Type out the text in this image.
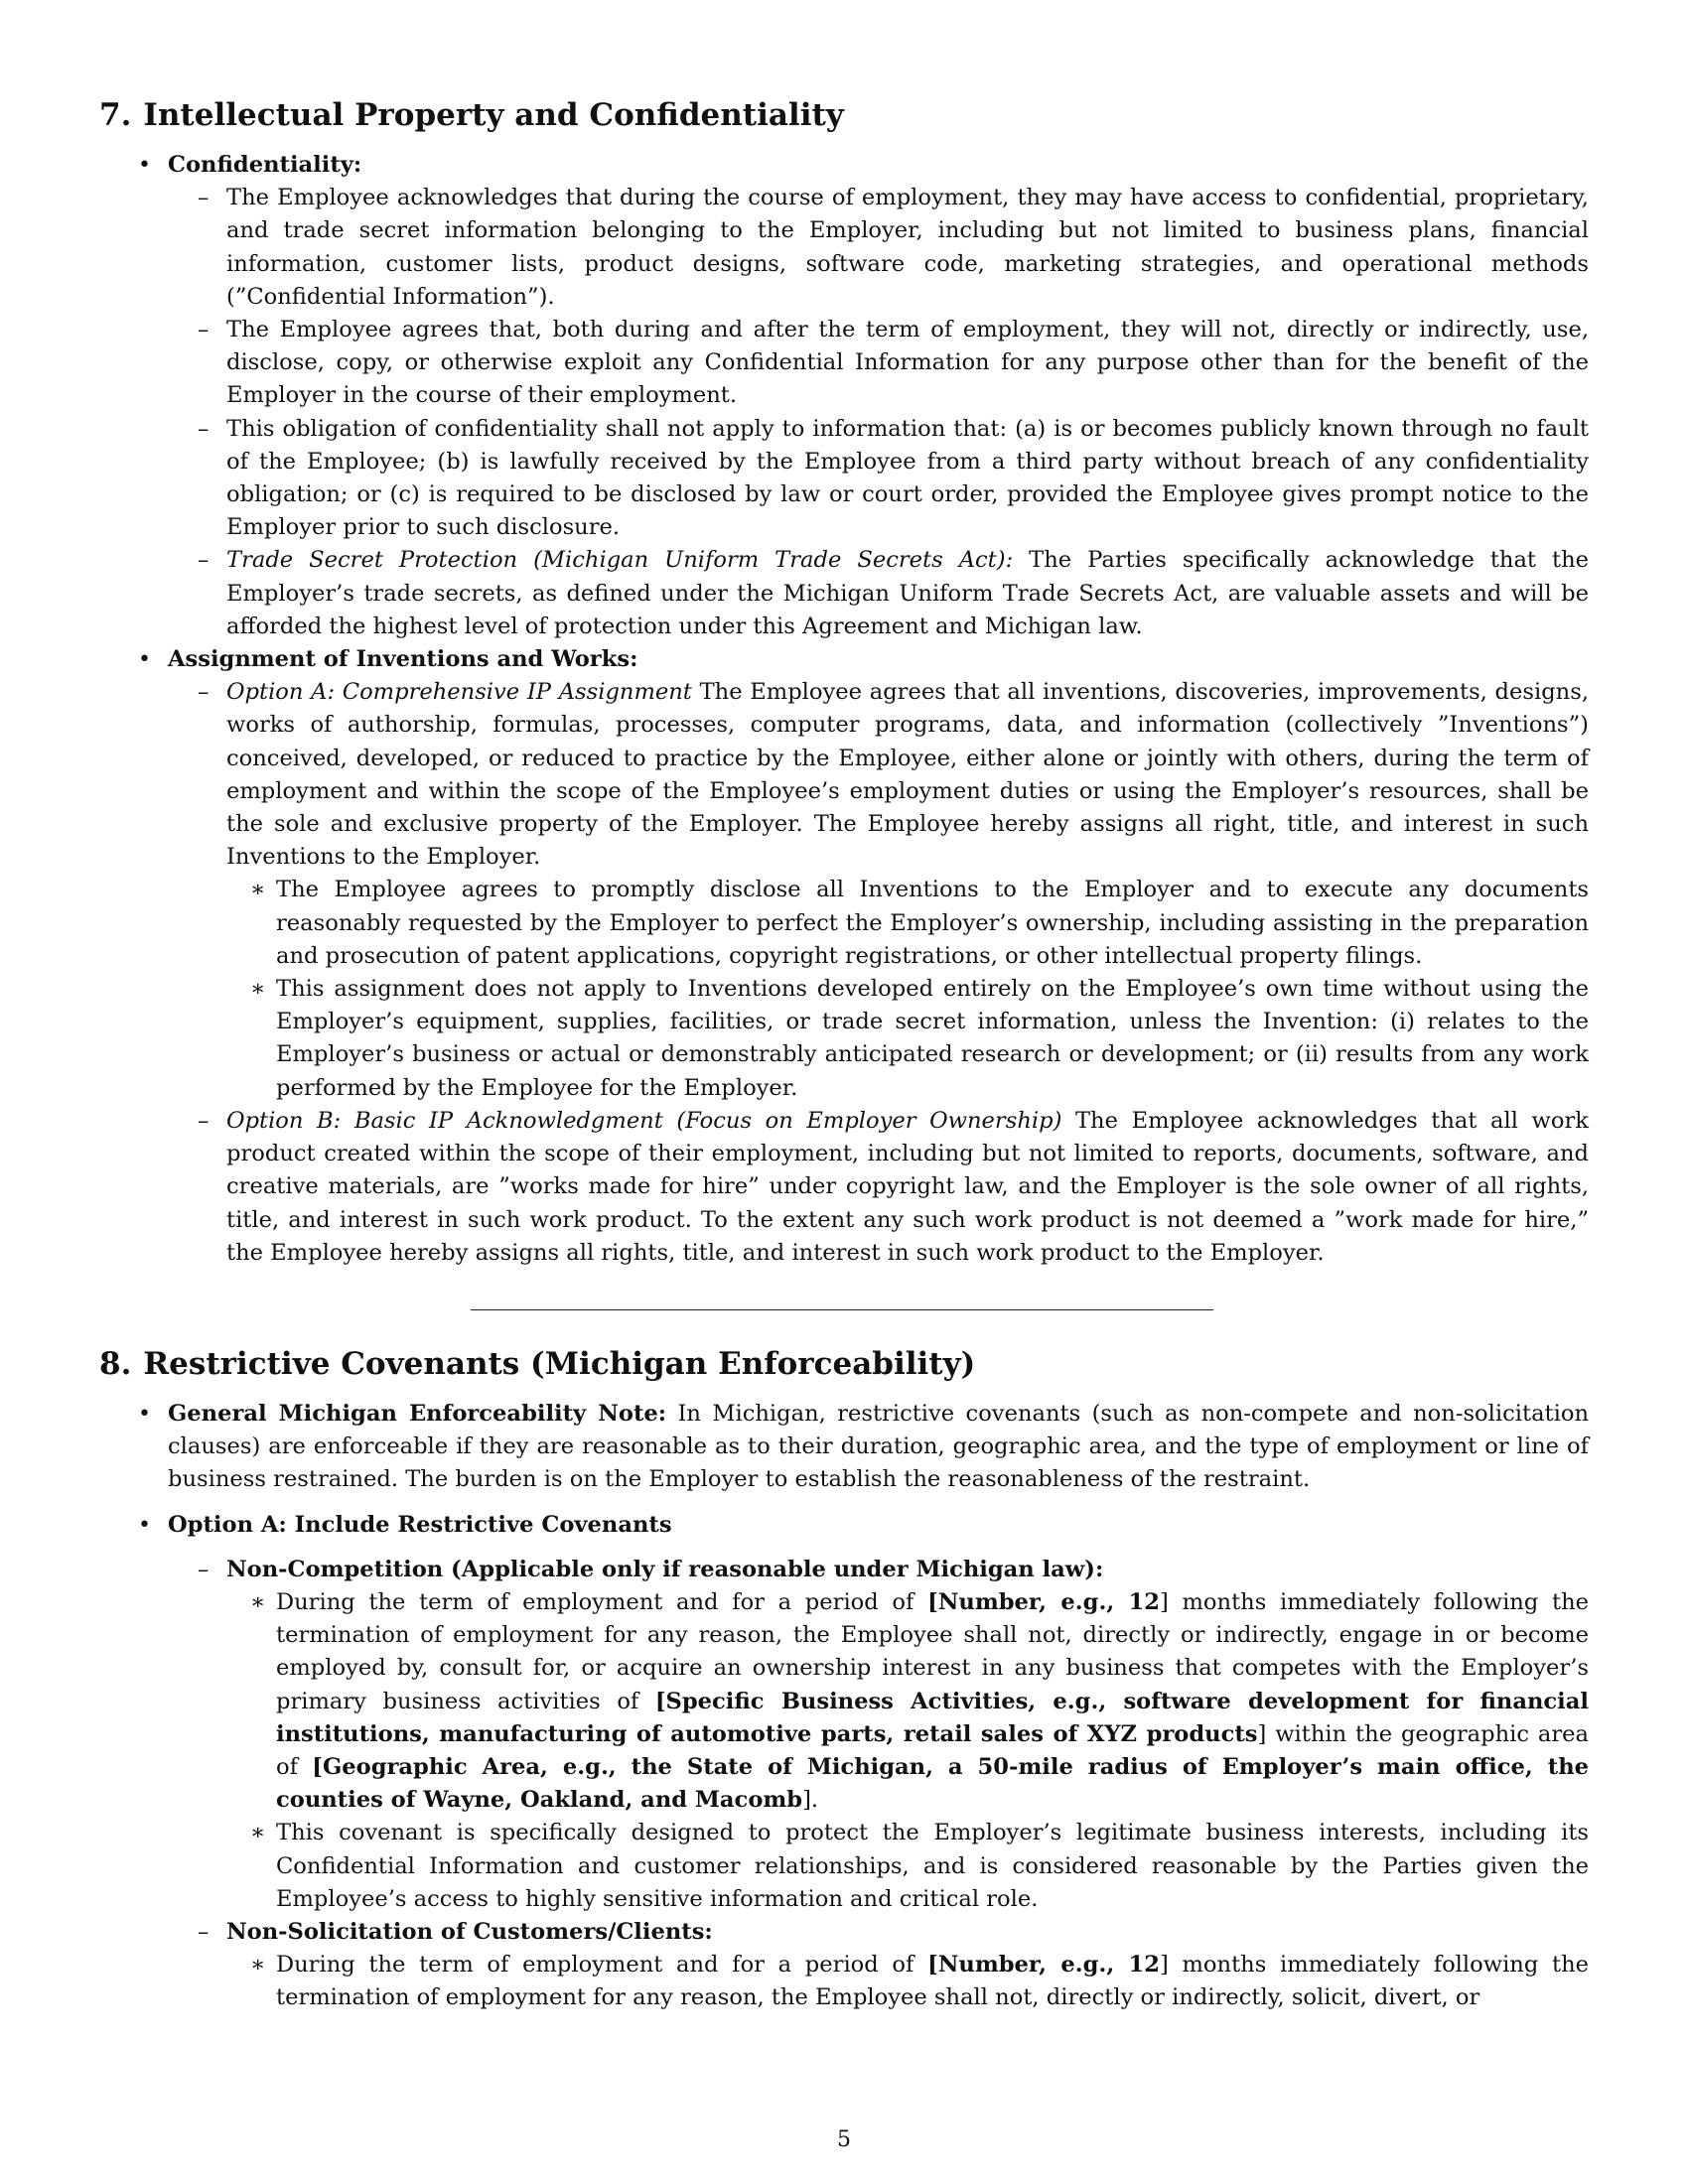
7. Intellectual Property and Confidentiality
• Confidentiality:
– The Employee acknowledges that during the course of employment, they may have access to confidential, proprietary, and trade secret information belonging to the Employer, including but not limited to business plans, financial information, customer lists, product designs, software code, marketing strategies, and operational methods (”Confidential Information”).
– The Employee agrees that, both during and after the term of employment, they will not, directly or indirectly, use, disclose, copy, or otherwise exploit any Confidential Information for any purpose other than for the benefit of the Employer in the course of their employment.
– This obligation of confidentiality shall not apply to information that: (a) is or becomes publicly known through no fault of the Employee; (b) is lawfully received by the Employee from a third party without breach of any confidentiality obligation; or (c) is required to be disclosed by law or court order, provided the Employee gives prompt notice to the Employer prior to such disclosure.
– Trade Secret Protection (Michigan Uniform Trade Secrets Act): The Parties specifically acknowledge that the Employer’s trade secrets, as defined under the Michigan Uniform Trade Secrets Act, are valuable assets and will be afforded the highest level of protection under this Agreement and Michigan law.
• Assignment of Inventions and Works:
– Option A: Comprehensive IP Assignment The Employee agrees that all inventions, discoveries, improvements, designs, works of authorship, formulas, processes, computer programs, data, and information (collectively ”Inventions”) conceived, developed, or reduced to practice by the Employee, either alone or jointly with others, during the term of employment and within the scope of the Employee’s employment duties or using the Employer’s resources, shall be the sole and exclusive property of the Employer. The Employee hereby assigns all right, title, and interest in such Inventions to the Employer.
∗ The Employee agrees to promptly disclose all Inventions to the Employer and to execute any documents reasonably requested by the Employer to perfect the Employer’s ownership, including assisting in the preparation and prosecution of patent applications, copyright registrations, or other intellectual property filings.
∗ This assignment does not apply to Inventions developed entirely on the Employee’s own time without using the Employer’s equipment, supplies, facilities, or trade secret information, unless the Invention: (i) relates to the Employer’s business or actual or demonstrably anticipated research or development; or (ii) results from any work performed by the Employee for the Employer.
– Option B: Basic IP Acknowledgment (Focus on Employer Ownership) The Employee acknowledges that all work product created within the scope of their employment, including but not limited to reports, documents, software, and creative materials, are ”works made for hire” under copyright law, and the Employer is the sole owner of all rights, title, and interest in such work product. To the extent any such work product is not deemed a ”work made for hire,” the Employee hereby assigns all rights, title, and interest in such work product to the Employer.
8. Restrictive Covenants (Michigan Enforceability)
• General Michigan Enforceability Note: In Michigan, restrictive covenants (such as non-compete and non-solicitation clauses) are enforceable if they are reasonable as to their duration, geographic area, and the type of employment or line of business restrained. The burden is on the Employer to establish the reasonableness of the restraint.
• Option A: Include Restrictive Covenants
– Non-Competition (Applicable only if reasonable under Michigan law):
∗ During the term of employment and for a period of [Number, e.g., 12] months immediately following the termination of employment for any reason, the Employee shall not, directly or indirectly, engage in or become employed by, consult for, or acquire an ownership interest in any business that competes with the Employer’s primary business activities of [Specific Business Activities, e.g., software development for financial institutions, manufacturing of automotive parts, retail sales of XYZ products] within the geographic area of [Geographic Area, e.g., the State of Michigan, a 50-mile radius of Employer’s main office, the counties of Wayne, Oakland, and Macomb].
∗ This covenant is specifically designed to protect the Employer’s legitimate business interests, including its Confidential Information and customer relationships, and is considered reasonable by the Parties given the Employee’s access to highly sensitive information and critical role.
– Non-Solicitation of Customers/Clients:
∗ During the term of employment and for a period of [Number, e.g., 12] months immediately following the termination of employment for any reason, the Employee shall not, directly or indirectly, solicit, divert, or
5
